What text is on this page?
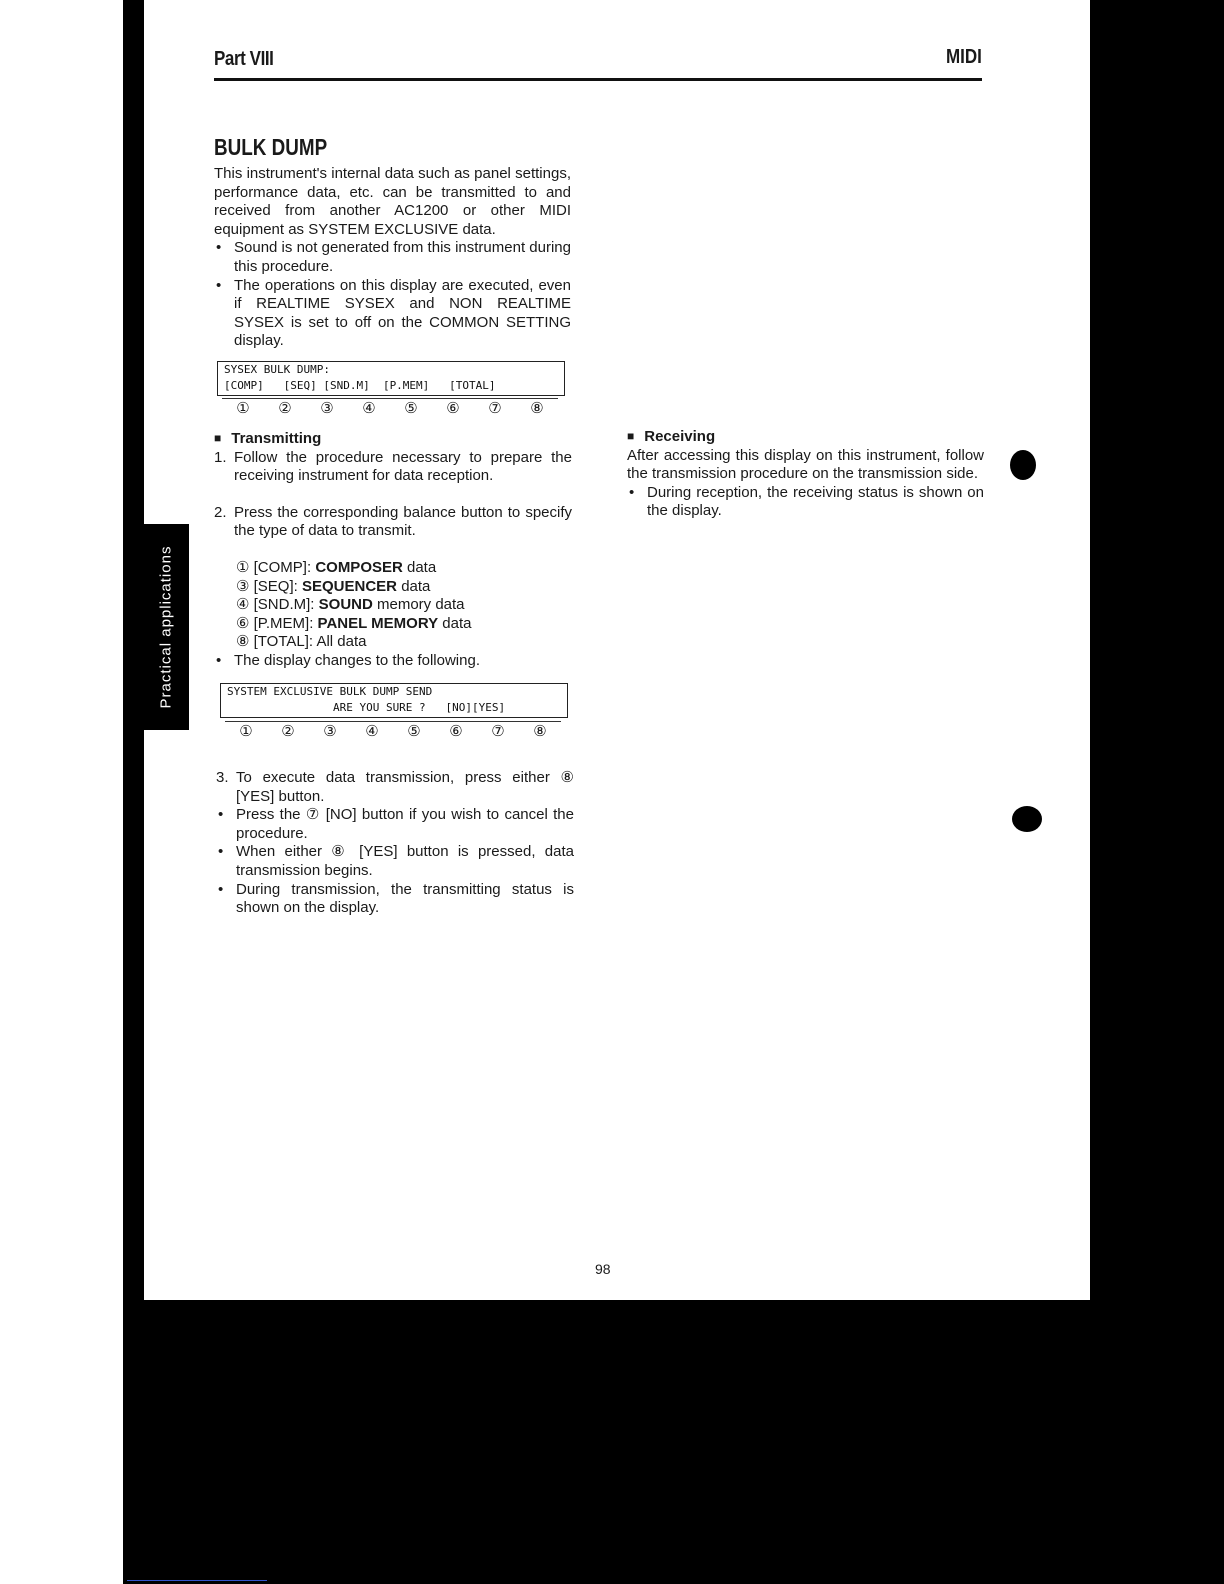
Practical applications
Part VIII	MIDI
BULK DUMP

This instrument's internal data such as panel settings, performance data, etc. can be transmitted to and received from another AC1200 or other MIDI equipment as SYSTEM EXCLUSIVE data.

• Sound is not generated from this instrument during this procedure.

• The operations on this display are executed, even if REALTIME SYSEX and NON REALTIME SYSEX is set to off on the COMMON SETTING display.

SYSEX BULK DUMP:
[COMP]   [SEQ] [SND.M]  [P.MEM]   [TOTAL]
①	②	③	④	⑤	⑥	⑦	⑧

■ Transmitting

1. Follow the procedure necessary to prepare the receiving instrument for data reception.

2. Press the corresponding balance button to specify the type of data to transmit.

① [COMP]: COMPOSER data
③ [SEQ]: SEQUENCER data
④ [SND.M]: SOUND memory data
⑥ [P.MEM]: PANEL MEMORY data
⑧ [TOTAL]: All data

• The display changes to the following.

SYSTEM EXCLUSIVE BULK DUMP SEND
ARE YOU SURE ?   [NO][YES]
①	②	③	④	⑤	⑥	⑦	⑧

3. To execute data transmission, press either ⑧ [YES] button.

• Press the ⑦ [NO] button if you wish to cancel the procedure.

• When either ⑧ [YES] button is pressed, data transmission begins.

• During transmission, the transmitting status is shown on the display.

■ Receiving

After accessing this display on this instrument, follow the transmission procedure on the transmission side.

• During reception, the receiving status is shown on the display.

98
